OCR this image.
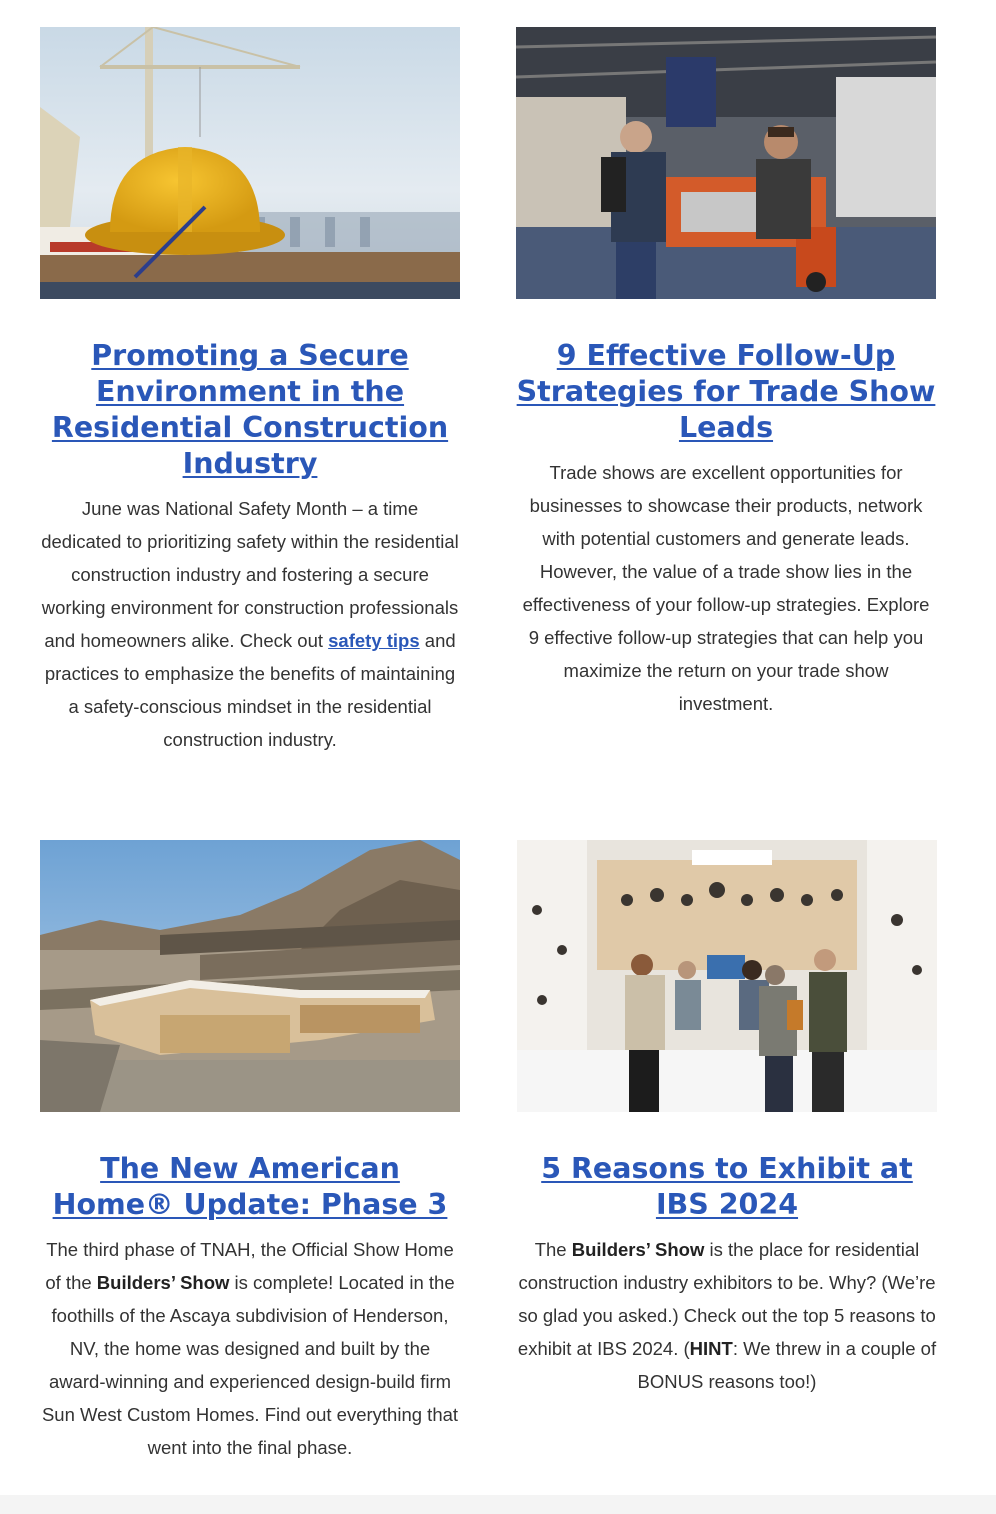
Promoting a Secure Environment in the Residential Construction Industry

June was National Safety Month – a time dedicated to prioritizing safety within the residential construction industry and fostering a secure working environment for construction professionals and homeowners alike. Check out safety tips and practices to emphasize the benefits of maintaining a safety-conscious mindset in the residential construction industry.

9 Effective Follow-Up Strategies for Trade Show Leads

Trade shows are excellent opportunities for businesses to showcase their products, network with potential customers and generate leads. However, the value of a trade show lies in the effectiveness of your follow-up strategies. Explore 9 effective follow-up strategies that can help you maximize the return on your trade show investment.

The New American Home® Update: Phase 3

The third phase of TNAH, the Official Show Home of the Builders’ Show is complete! Located in the foothills of the Ascaya subdivision of Henderson, NV, the home was designed and built by the award-winning and experienced design-build firm Sun West Custom Homes. Find out everything that went into the final phase.

5 Reasons to Exhibit at IBS 2024

The Builders’ Show is the place for residential construction industry exhibitors to be. Why? (We’re so glad you asked.) Check out the top 5 reasons to exhibit at IBS 2024. (HINT: We threw in a couple of BONUS reasons too!)
